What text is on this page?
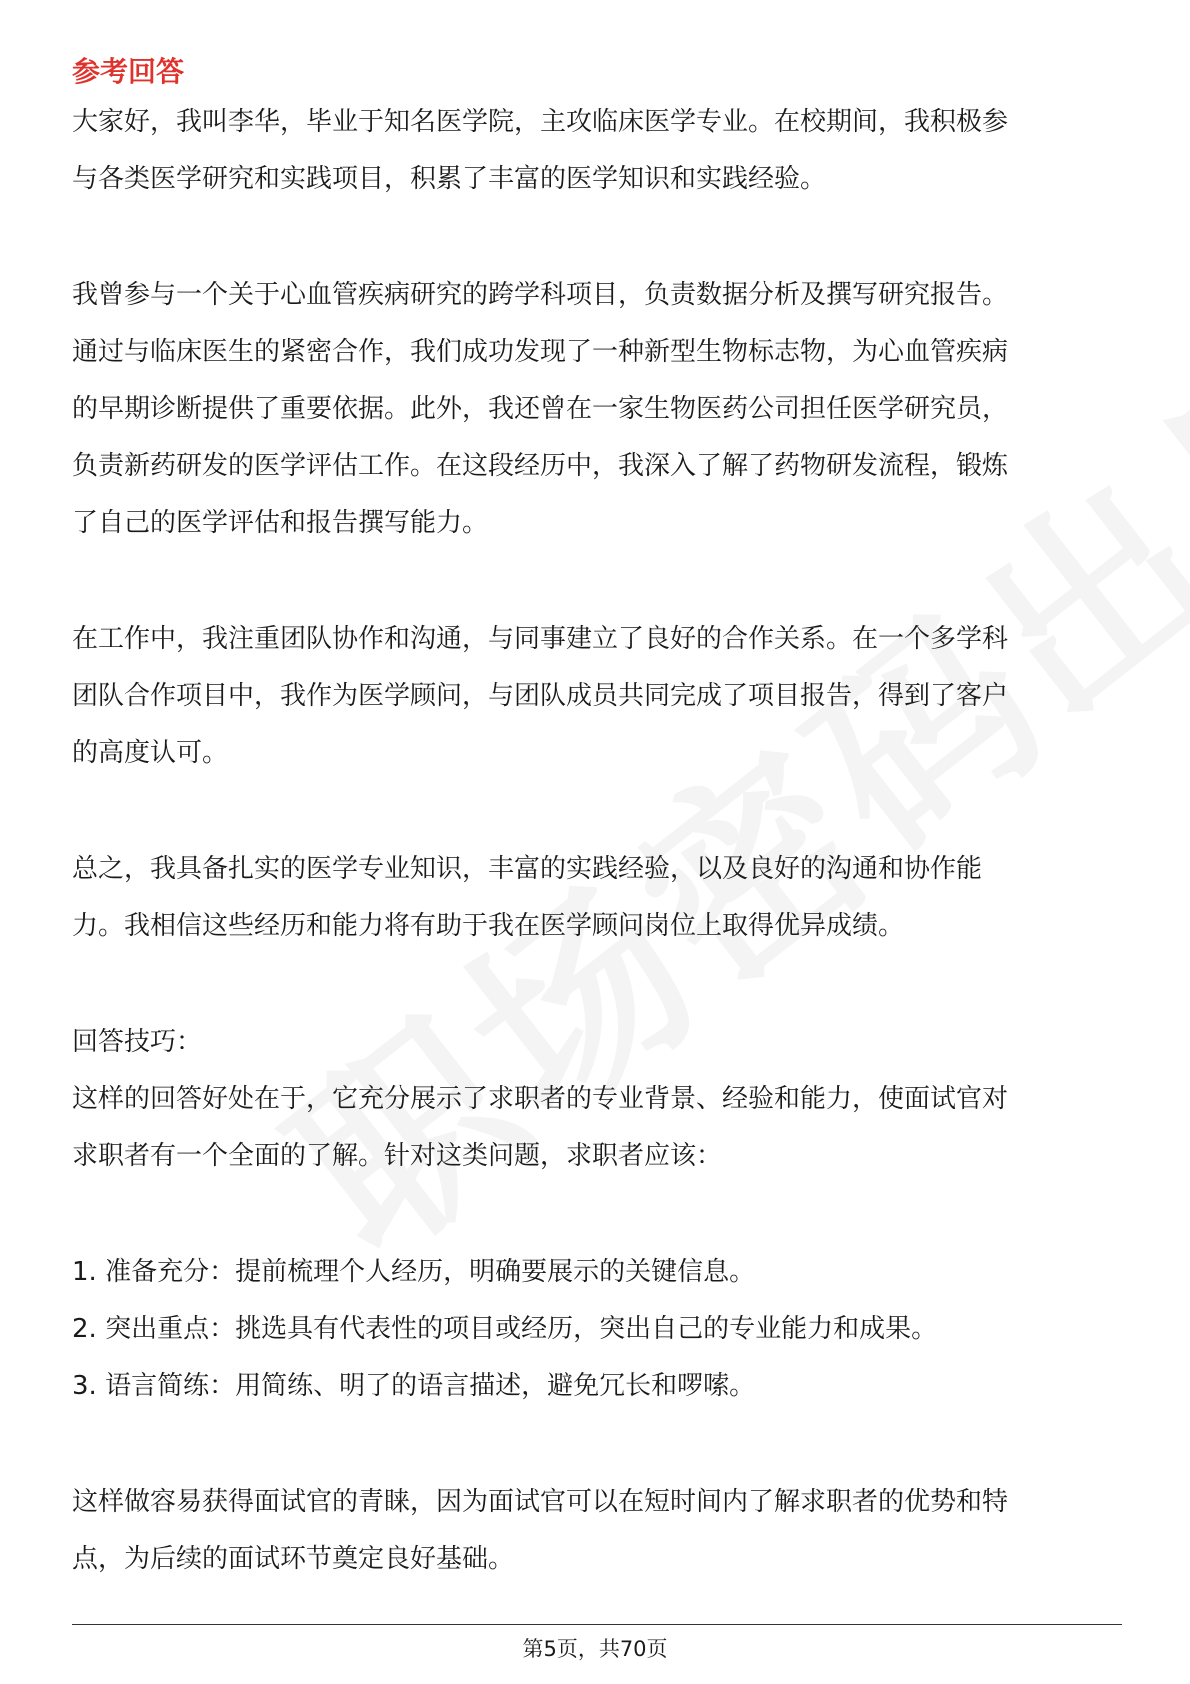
参考回答

大家好，我叫李华，毕业于知名医学院，主攻临床医学专业。在校期间，我积极参
与各类医学研究和实践项目，积累了丰富的医学知识和实践经验。

我曾参与一个关于心血管疾病研究的跨学科项目，负责数据分析及撰写研究报告。
通过与临床医生的紧密合作，我们成功发现了一种新型生物标志物，为心血管疾病
的早期诊断提供了重要依据。此外，我还曾在一家生物医药公司担任医学研究员，
负责新药研发的医学评估工作。在这段经历中，我深入了解了药物研发流程，锻炼
了自己的医学评估和报告撰写能力。

在工作中，我注重团队协作和沟通，与同事建立了良好的合作关系。在一个多学科
团队合作项目中，我作为医学顾问，与团队成员共同完成了项目报告，得到了客户
的高度认可。

总之，我具备扎实的医学专业知识，丰富的实践经验，以及良好的沟通和协作能
力。我相信这些经历和能力将有助于我在医学顾问岗位上取得优异成绩。

回答技巧：
这样的回答好处在于，它充分展示了求职者的专业背景、经验和能力，使面试官对
求职者有一个全面的了解。针对这类问题，求职者应该：

1. 准备充分：提前梳理个人经历，明确要展示的关键信息。

2. 突出重点：挑选具有代表性的项目或经历，突出自己的专业能力和成果。

3. 语言简练：用简练、明了的语言描述，避免冗长和啰嗦。

这样做容易获得面试官的青睐，因为面试官可以在短时间内了解求职者的优势和特
点，为后续的面试环节奠定良好基础。

第5页，共70页
